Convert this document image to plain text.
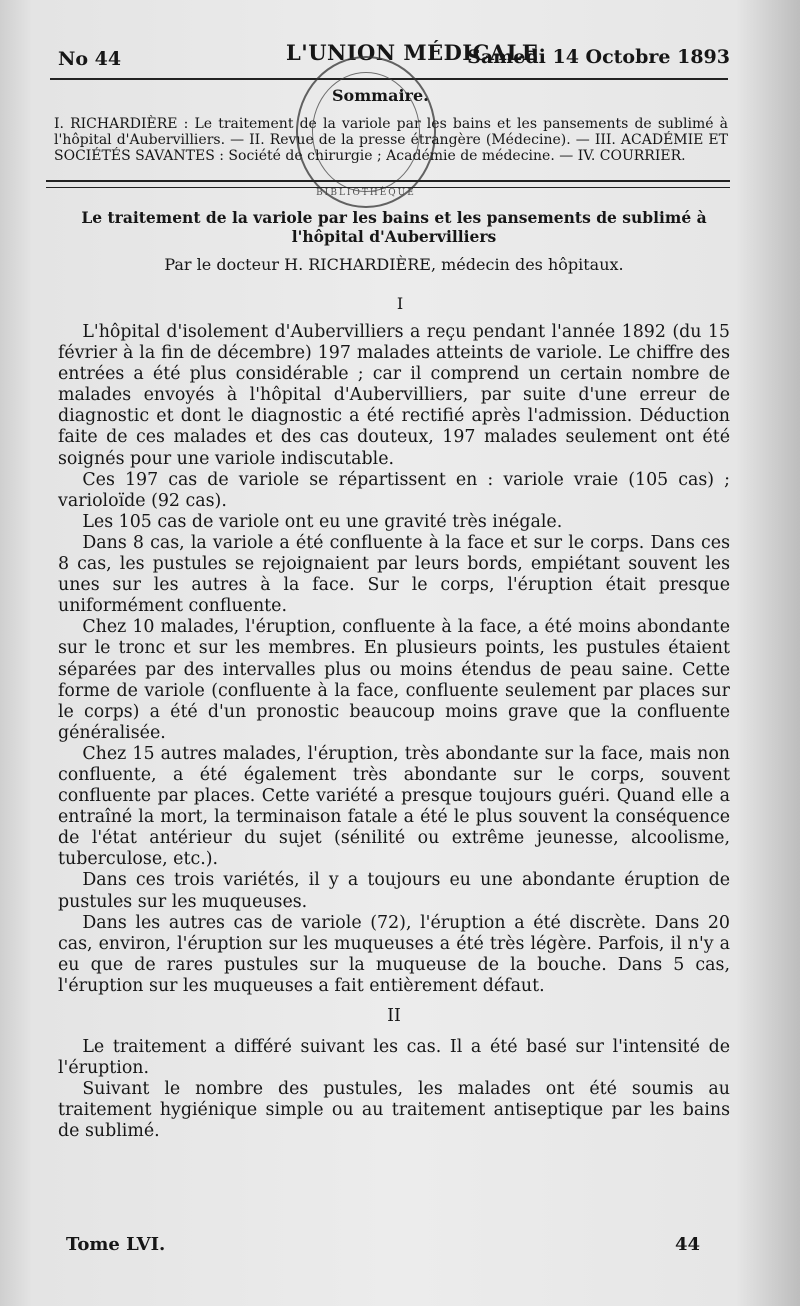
No 44	L'UNION MÉDICALE
Samedi 14 Octobre 1893
BIBLIOTHÈQUE
Sommaire.
I. RICHARDIÈRE : Le traitement de la variole par les bains et les pansements de sublimé à l'hôpital d'Aubervilliers. — II. Revue de la presse étrangère (Médecine). — III. ACADÉMIE ET SOCIÉTÉS SAVANTES : Société de chirurgie ; Académie de médecine. — IV. COURRIER.
Le traitement de la variole par les bains et les pansements de sublimé à l'hôpital d'Aubervilliers
Par le docteur H. RICHARDIÈRE, médecin des hôpitaux.
I

L'hôpital d'isolement d'Aubervilliers a reçu pendant l'année 1892 (du 15 février à la fin de décembre) 197 malades atteints de variole. Le chiffre des entrées a été plus considérable ; car il comprend un certain nombre de malades envoyés à l'hôpital d'Aubervilliers, par suite d'une erreur de diagnostic et dont le diagnostic a été rectifié après l'admission. Déduction faite de ces malades et des cas douteux, 197 malades seulement ont été soignés pour une variole indiscutable.

Ces 197 cas de variole se répartissent en : variole vraie (105 cas) ; varioloïde (92 cas).

Les 105 cas de variole ont eu une gravité très inégale.

Dans 8 cas, la variole a été confluente à la face et sur le corps. Dans ces 8 cas, les pustules se rejoignaient par leurs bords, empiétant souvent les unes sur les autres à la face. Sur le corps, l'éruption était presque uniformément confluente.

Chez 10 malades, l'éruption, confluente à la face, a été moins abondante sur le tronc et sur les membres. En plusieurs points, les pustules étaient séparées par des intervalles plus ou moins étendus de peau saine. Cette forme de variole (confluente à la face, confluente seulement par places sur le corps) a été d'un pronostic beaucoup moins grave que la confluente généralisée.

Chez 15 autres malades, l'éruption, très abondante sur la face, mais non confluente, a été également très abondante sur le corps, souvent confluente par places. Cette variété a presque toujours guéri. Quand elle a entraîné la mort, la terminaison fatale a été le plus souvent la conséquence de l'état antérieur du sujet (sénilité ou extrême jeunesse, alcoolisme, tuberculose, etc.).

Dans ces trois variétés, il y a toujours eu une abondante éruption de pustules sur les muqueuses.

Dans les autres cas de variole (72), l'éruption a été discrète. Dans 20 cas, environ, l'éruption sur les muqueuses a été très légère. Parfois, il n'y a eu que de rares pustules sur la muqueuse de la bouche. Dans 5 cas, l'éruption sur les muqueuses a fait entièrement défaut.

II

Le traitement a différé suivant les cas. Il a été basé sur l'intensité de l'éruption.

Suivant le nombre des pustules, les malades ont été soumis au traitement hygiénique simple ou au traitement antiseptique par les bains de sublimé.

Tome LVI.	44
